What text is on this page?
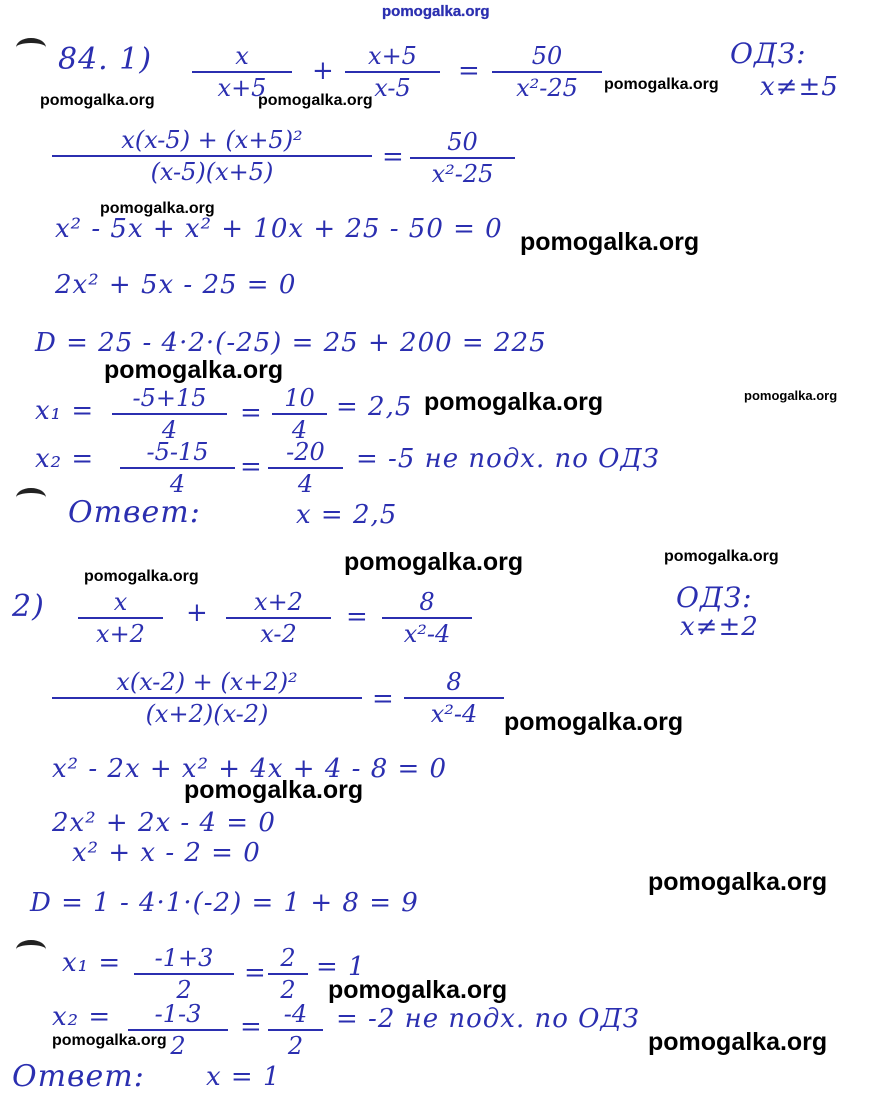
pomogalka.org
84. 1)	x
x+5
+	x+5
x-5
=	50
x²-25
ОДЗ:
x≠±5
x(x-5) + (x+5)²
(x-5)(x+5)	=	50
x²-25
x² - 5x + x² + 10x + 25 - 50 = 0
2x² + 5x - 25 = 0
D = 25 - 4·2·(-25) = 25 + 200 = 225
x₁ =	-5+15
4
= 10
4
= 2,5
x₂ =	-5-15
4
= -20
4
= -5 не подх. по ОДЗ
Ответ:	x = 2,5
2)	x
x+2
+	x+2
x-2
=	8
x²-4
ОДЗ:
x≠±2
x(x-2) + (x+2)²
(x+2)(x-2)	=
8
x²-4
x² - 2x + x² + 4x + 4 - 8 = 0
2x² + 2x - 4 = 0
x² + x - 2 = 0
D = 1 - 4·1·(-2) = 1 + 8 = 9
x₁ =	-1+3
2
= 2
2
= 1
x₂ =	-1-3
2
= -4
2
= -2 не подх. по ОДЗ
Ответ: x = 1
pomogalka.org	pomogalka.org
pomogalka.org
pomogalka.org
pomogalka.org
pomogalka.org
pomogalka.org	pomogalka.org
pomogalka.org	pomogalka.org
pomogalka.org
pomogalka.org
pomogalka.org
pomogalka.org
pomogalka.org
pomogalka.org	pomogalka.org
